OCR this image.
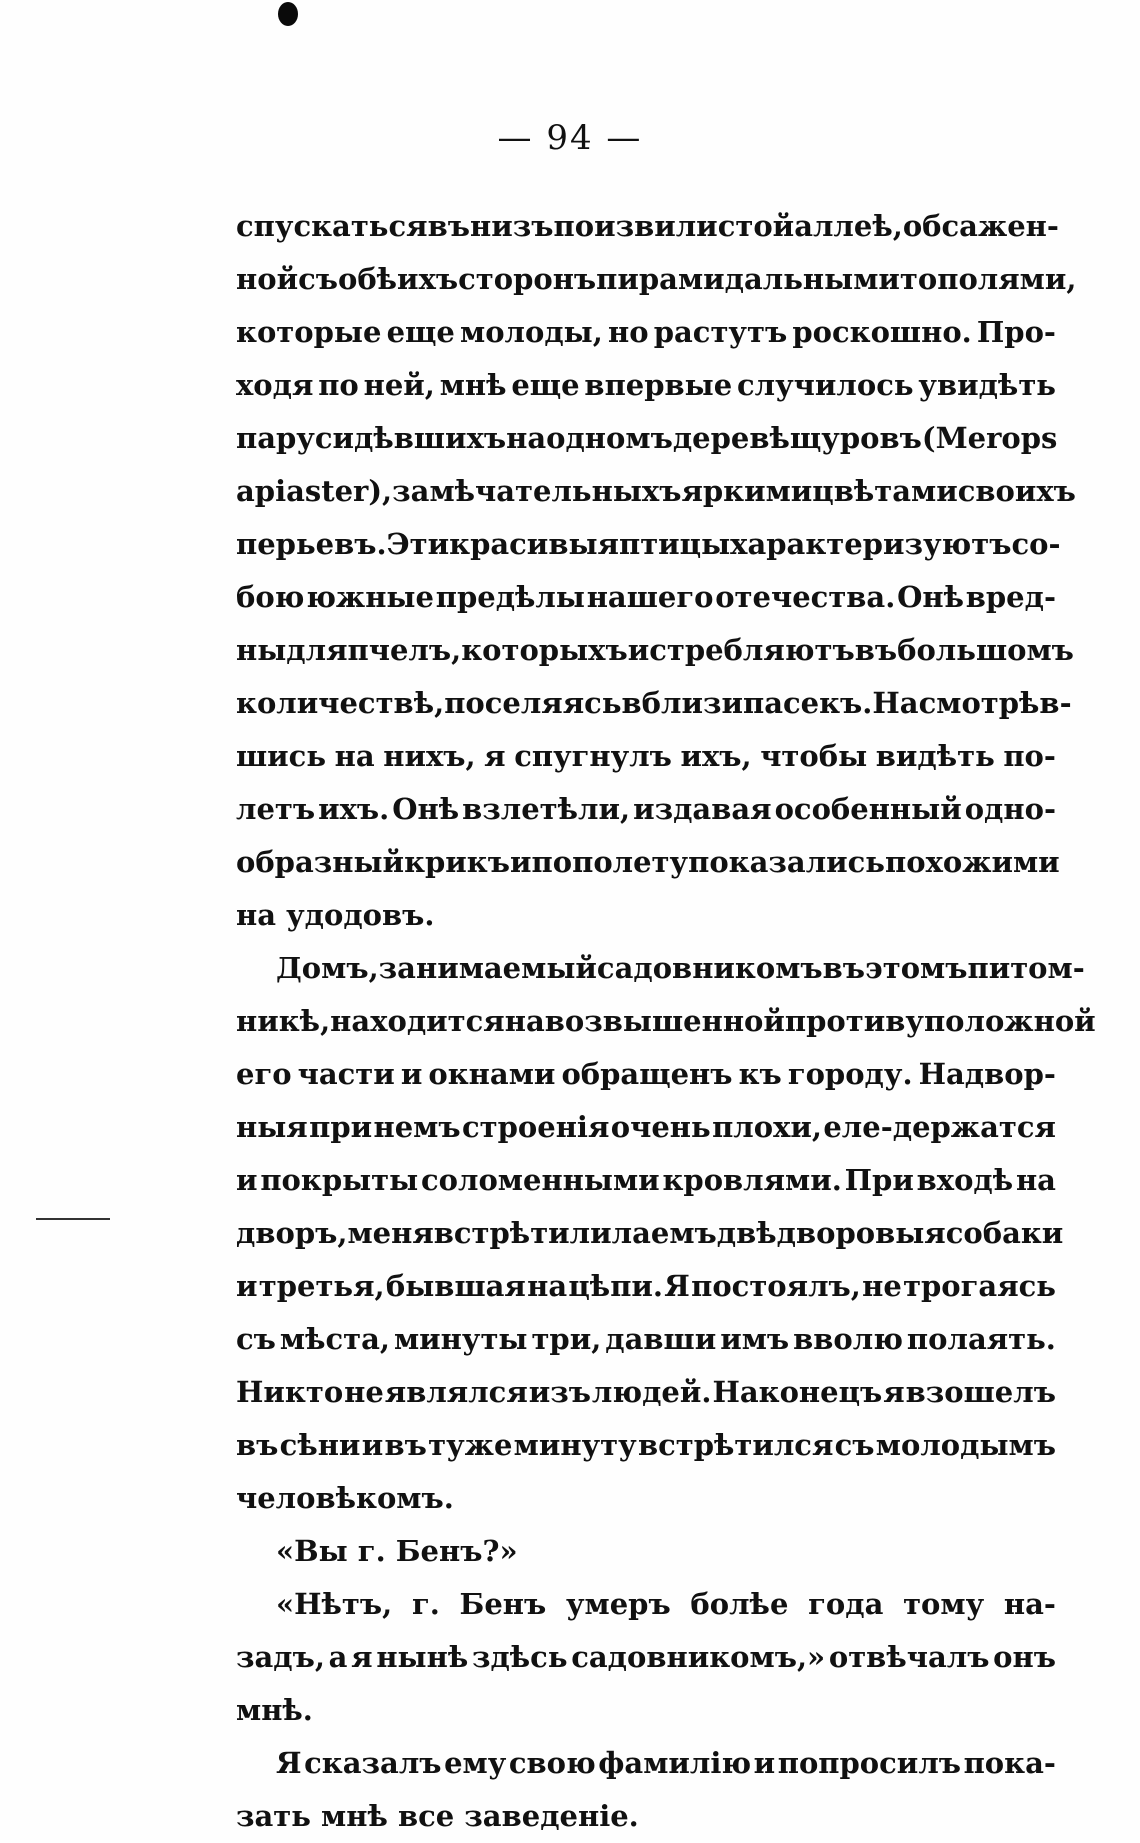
— 94 —
спускаться въ низъ по извилистой аллеѣ, обсажен-
ной съ обѣихъ сторонъ пирамидальными тополями,
которые еще молоды, но растутъ роскошно. Про-
ходя по ней, мнѣ еще впервые случилось увидѣть
пару сидѣвшихъ на одномъ деревѣ щуровъ (Merops
apiaster), замѣчательныхъ яркими цвѣтами своихъ
перьевъ. Эти красивыя птицы характеризуютъ со-
бою южные предѣлы нашего отечества. Онѣ вред-
ны для пчелъ, которыхъ истребляютъ въ большомъ
количествѣ, поселяясь вблизи пасекъ. Насмотрѣв-
шись на нихъ, я спугнулъ ихъ, чтобы видѣть по-
летъ ихъ. Онѣ взлетѣли, издавая особенный одно-
образный крикъ и по полету показались похожими
на удодовъ.
Домъ, занимаемый садовникомъ въ этомъ питом-
никѣ, находится на возвышенной противуположной
его части и окнами обращенъ къ городу. Надвор-
ныя при немъ строенія очень плохи, еле-держатся
и покрыты соломенными кровлями. При входѣ на
дворъ, меня встрѣтили лаемъ двѣ дворовыя собаки
и третья, бывшая на цѣпи. Я постоялъ, не трогаясь
съ мѣста, минуты три, давши имъ вволю полаять.
Никто не являлся изъ людей. Наконецъ я взошелъ
въ сѣни и въ туже минуту встрѣтился съ молодымъ
человѣкомъ.
«Вы г. Бенъ?»
«Нѣтъ, г. Бенъ умеръ болѣе года тому на-
задъ, а я нынѣ здѣсь садовникомъ,» отвѣчалъ онъ
мнѣ.
Я сказалъ ему свою фамилію и попросилъ пока-
зать мнѣ все заведеніе.
